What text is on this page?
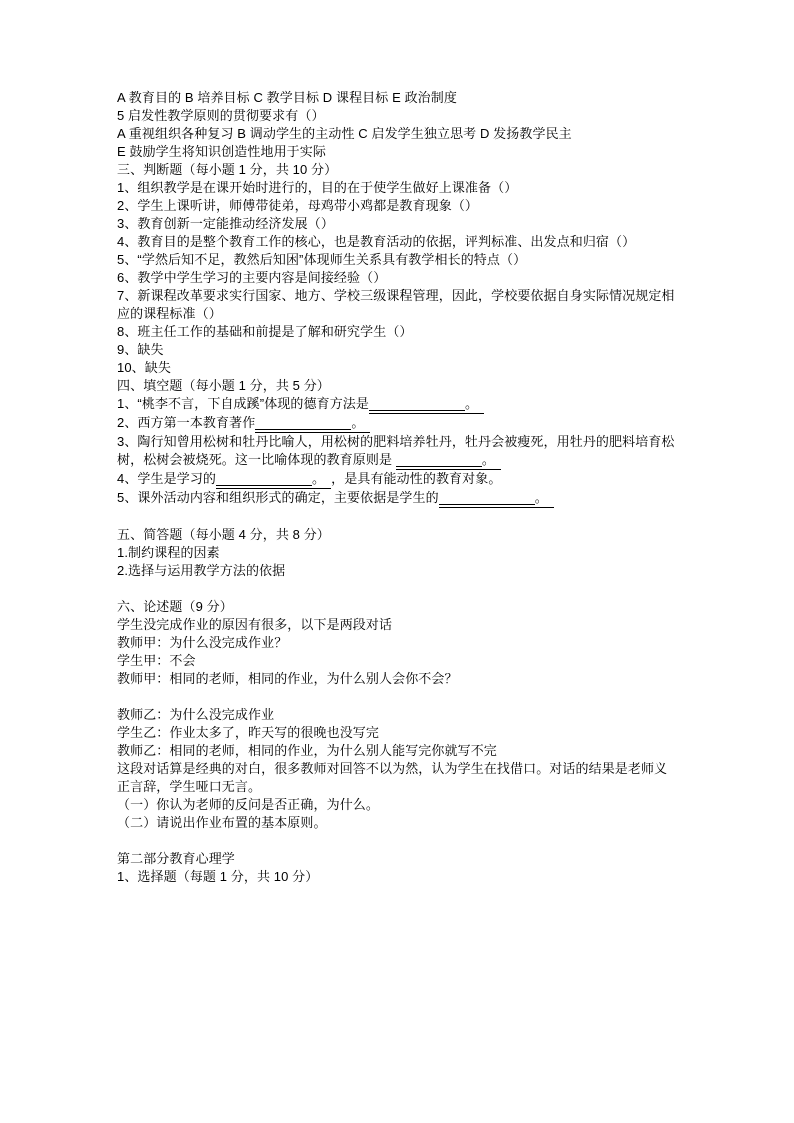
A 教育目的 B 培养目标 C 教学目标 D 课程目标 E 政治制度
5 启发性教学原则的贯彻要求有（）
A 重视组织各种复习 B 调动学生的主动性 C 启发学生独立思考 D 发扬教学民主
E 鼓励学生将知识创造性地用于实际
三、判断题（每小题 1 分，共 10 分）
1、组织教学是在课开始时进行的，目的在于使学生做好上课准备（）
2、学生上课听讲，师傅带徒弟，母鸡带小鸡都是教育现象（）
3、教育创新一定能推动经济发展（）
4、教育目的是整个教育工作的核心，也是教育活动的依据，评判标准、出发点和归宿（）
5、“学然后知不足，教然后知困”体现师生关系具有教学相长的特点（）
6、教学中学生学习的主要内容是间接经验（）
7、新课程改革要求实行国家、地方、学校三级课程管理，因此，学校要依据自身实际情况规定相应的课程标准（）
8、班主任工作的基础和前提是了解和研究学生（）
9、缺失
10、缺失
四、填空题（每小题 1 分，共 5 分）
1、“桃李不言，下自成蹊”体现的德育方法是	。
2、西方第一本教育著作	。
3、陶行知曾用松树和牡丹比喻人，用松树的肥料培养牡丹，牡丹会被瘦死，用牡丹的肥料培育松树，松树会被烧死。这一比喻体现的教育原则是	。
4、学生是学习的	。 ，是具有能动性的教育对象。
5、课外活动内容和组织形式的确定，主要依据是学生的	。
五、简答题（每小题 4 分，共 8 分）
1.制约课程的因素
2.选择与运用教学方法的依据
六、论述题（9 分）
学生没完成作业的原因有很多，以下是两段对话
教师甲：为什么没完成作业？
学生甲：不会
教师甲：相同的老师，相同的作业，为什么别人会你不会？
教师乙：为什么没完成作业
学生乙：作业太多了，昨天写的很晚也没写完
教师乙：相同的老师，相同的作业，为什么别人能写完你就写不完
这段对话算是经典的对白，很多教师对回答不以为然，认为学生在找借口。对话的结果是老师义正言辞，学生哑口无言。
（一）你认为老师的反问是否正确，为什么。
（二）请说出作业布置的基本原则。
第二部分教育心理学
1、选择题（每题 1 分，共 10 分）
